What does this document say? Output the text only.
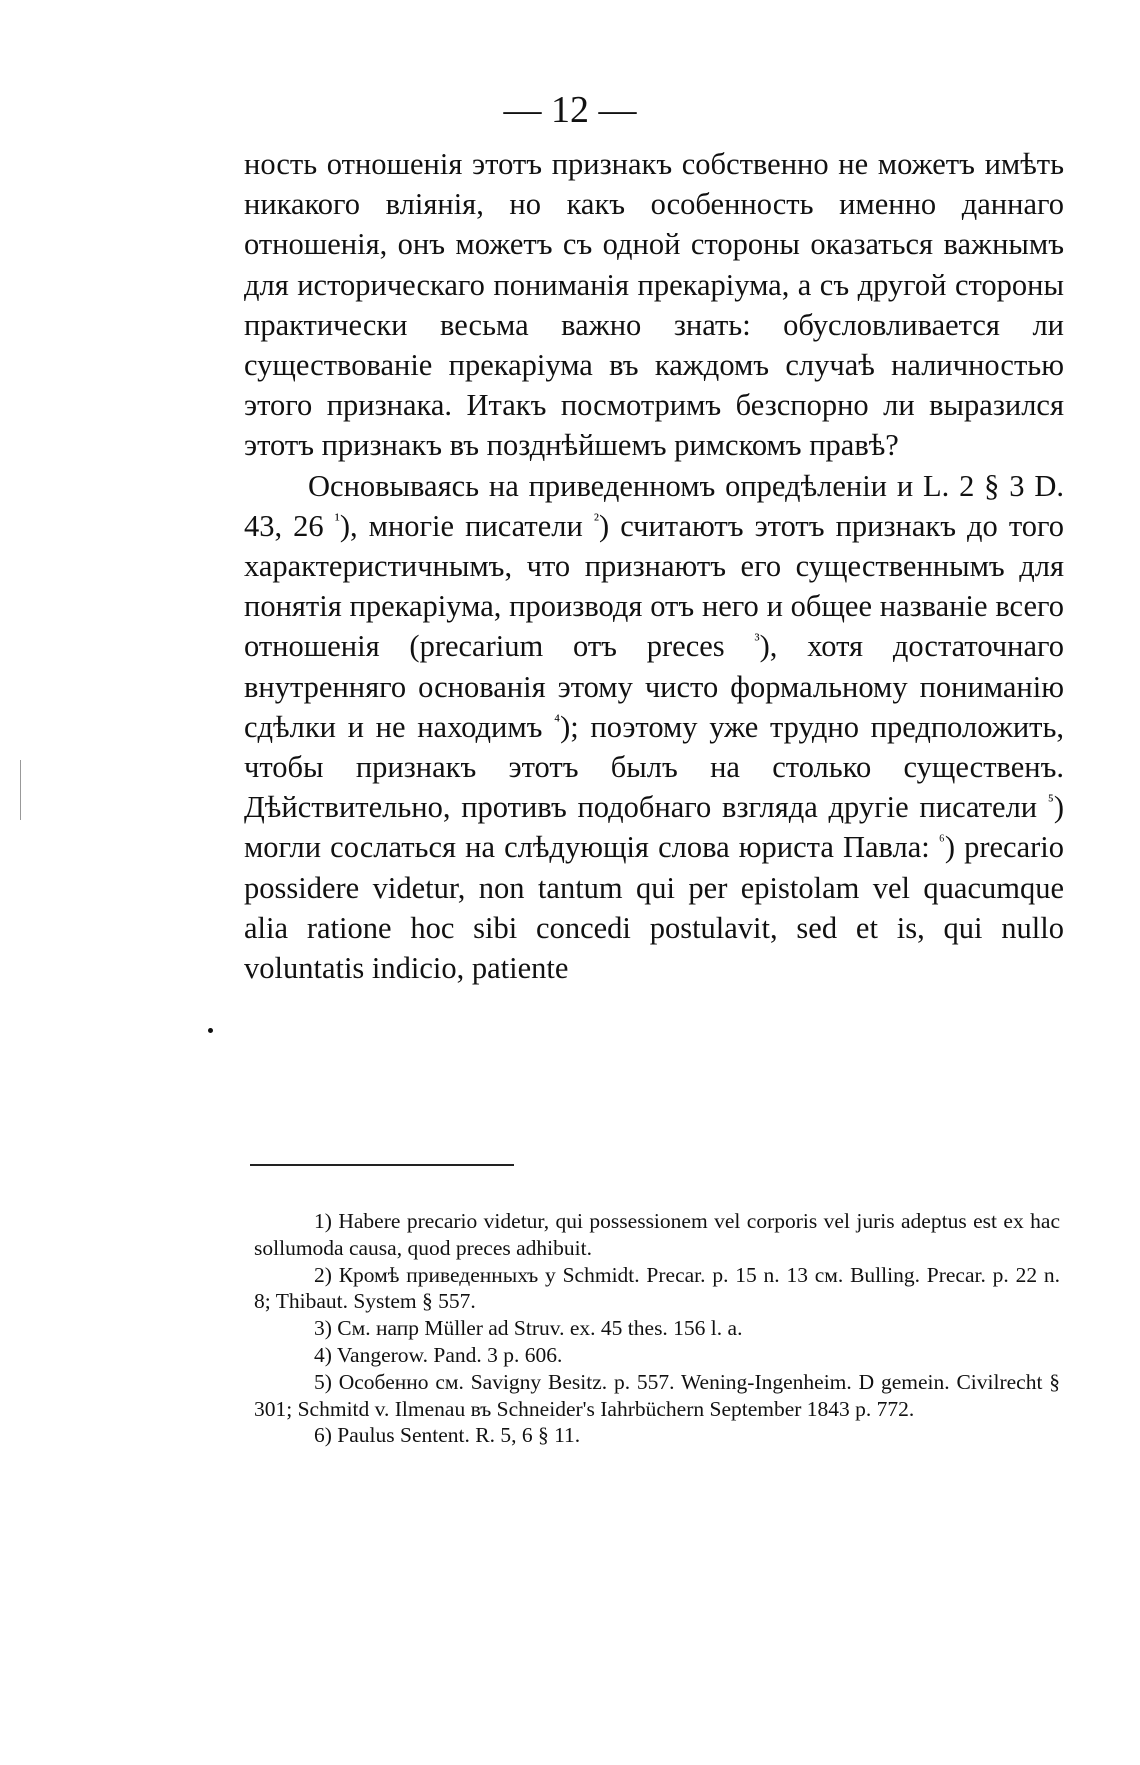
— 12 —

ность отношенія этотъ признакъ собственно не можетъ имѣть никакого вліянія, но какъ особенность именно даннаго отношенія, онъ можетъ съ одной стороны оказаться важнымъ для историческаго пониманія прекаріума, а съ другой стороны практически весьма важно знать: обусловливается ли существованіе прекаріума въ каждомъ случаѣ наличностью этого признака. Итакъ посмотримъ безспорно ли выразился этотъ признакъ въ позднѣйшемъ римскомъ правѣ?

Основываясь на приведенномъ опредѣленіи и L. 2 § 3 D. 43, 26 $^{^1}$), многіе писатели $^{^2}$) считаютъ этотъ признакъ до того характеристичнымъ, что признаютъ его существеннымъ для понятія прекаріума, производя отъ него и общее названіе всего отношенія (precarium отъ preces $^{^3}$), хотя достаточнаго внутренняго основанія этому чисто формальному пониманію сдѣлки и не находимъ $^{^4}$); поэтому уже трудно предположить, чтобы признакъ этотъ былъ на столько существенъ. Дѣйствительно, противъ подобнаго взгляда другіе писатели $^{^5}$) могли сослаться на слѣдующія слова юриста Павла: $^{^6}$) precario possidere videtur, non tantum qui per epistolam vel quacumque alia ratione hoc sibi concedi postulavit, sed et is, qui nullo voluntatis indicio, patiente

1) Habere precario videtur, qui possessionem vel corporis vel juris adeptus est ex hac sollumoda causa, quod preces adhibuit.

2) Кромѣ приведенныхъ у Schmidt. Precar. p. 15 n. 13 см. Bulling. Precar. p. 22 n. 8; Thibaut. System § 557.

3) См. напр Müller ad Struv. ex. 45 thes. 156 l. a.

4) Vangerow. Pand. 3 p. 606.

5) Особенно см. Savigny Besitz. p. 557. Wening-Ingenheim. D gemein. Civilrecht § 301; Schmitd v. Ilmenau въ Schneider's Iahrbüchern September 1843 p. 772.

6) Paulus Sentent. R. 5, 6 § 11.
